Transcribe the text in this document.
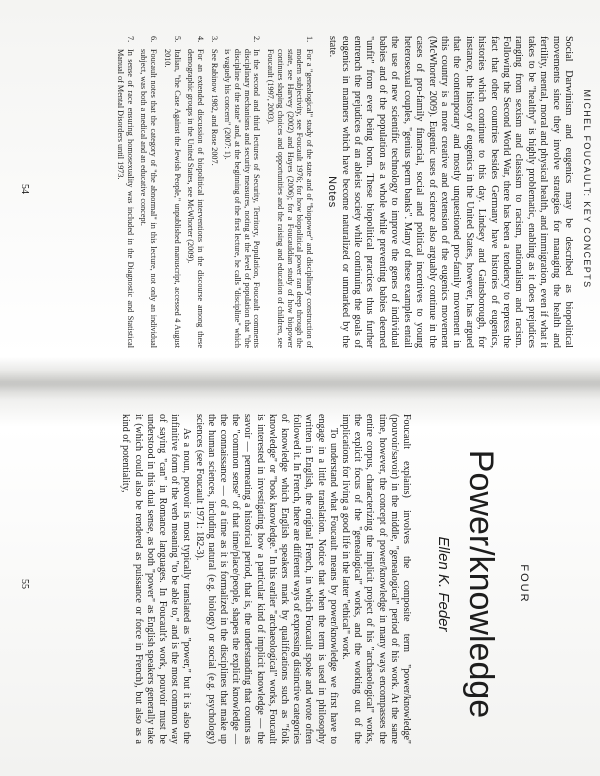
MICHEL FOUCAULT: KEY CONCEPTS
Social Darwinism and eugenics may be described as biopolitical movements since they involve strategies for managing the health and fertility, mental, moral and physical health, and immigration, even if what it takes to be "healthy" is highly problematic, enabling as it does prejudices ranging from sexism and classism to racism, nationalism and racism. Following the Second World War, there has been a tendency to repress the fact that other countries besides Germany have histories of eugenics, histories which continue to this day. Lindsey and Gainsborough, for instance, the history of eugenics in the United States, however, has argued that the contemporary and mostly unquestioned pro-family movement in this country is a more creative and extension of the eugenics movement (McWhorter 2009). Eugenic uses of science also arguably continue in the cases of pro-family financial, social and political incentives to young heterosexual couples, "genius sperm banks". Many of these examples entail the use of new scientific technology to improve the genes of individual babies and of the population as a whole while preventing babies deemed "unfit" from ever being born. These biopolitical practices thus further entrench the prejudices of an ableist society while continuing the goals of eugenics in manners which have become naturalized or unmarked by the state.
Notes
1.
For a "genealogical" study of the state and of "biopower" and disciplinary construction of modern subjectivity, see Foucault 1976; for how biopolitical power ran deep through the state, see Harvey (2002) and Hayes (2006); for a Foucauldian study of how biopower continues shaping choices and opportunities and the raising and education of children, see Foucault (1997, 2003).
2.
In the second and third lectures of Security, Territory, Population, Foucault comments disciplinary mechanisms and security measures, noting at the level of population that "the discipline of the state" and, at the beginning of the first lecture, he calls "discipline" which is vaguely his concern" (2007: 1).
3.
See Rabinow 1982, and Rose 2007.
4.
For an extended discussion of biopolitical interventions in the discourse among these demographic groups in the United States, see McWhorter (2009).
5.
Italian, "the Case Against the Jewish People," unpublished manuscript, accessed 4 August 2010.
6.
Foucault notes that the category of "the abnormal" in this lecture, not only an individual subject, was both a medical and an educative concept.
7.
In sense of race ensuring homosexuality was included in the Diagnostic and Statistical Manual of Mental Disorders until 1973.
54
FOUR
Power/knowledge
Ellen K. Feder
Foucault explains) involves the composite term "power/knowledge" (pouvoir/savoir) in the middle, "genealogical" period of his work. At the same time, however, the concept of power/knowledge in many ways encompasses the entire corpus, characterizing the implicit project of his "archaeological" works, the explicit focus of the "genealogical" works, and the working out of the implications for living a good life in the latter "ethical" work.
To understand what Foucault means by power/knowledge we first have to engage in a little translation. Notice that when the term is used in philosophy written in English, the original French, in which Foucault spoke and wrote often followed it. In French, there are different ways of expressing distinctive categories of knowledge which English speakers mark by qualifications such as "folk knowledge" or "book knowledge." In his earlier "archaeological" works, Foucault is interested in investigating how a particular kind of implicit knowledge — the savoir — permeating a historical period, that is, the understanding that counts as the "common sense" of that time/place/people, shapes the explicit knowledge — the connaissance — of a time as it is formalized in the disciplines that make up the human sciences, including natural (e.g. biology) or social (e.g. psychology) sciences (see Foucault 1971: 182-3).
As a noun, pouvoir is most typically translated as "power," but it is also the infinitive form of the verb meaning "to be able to," and is the most common way of saying "can" in Romance languages. In Foucault's work, pouvoir must be understood in this dual sense, as both "power" as English speakers generally take it (which could also be rendered as puissance or force in French), but also as a kind of potentiality,
55
